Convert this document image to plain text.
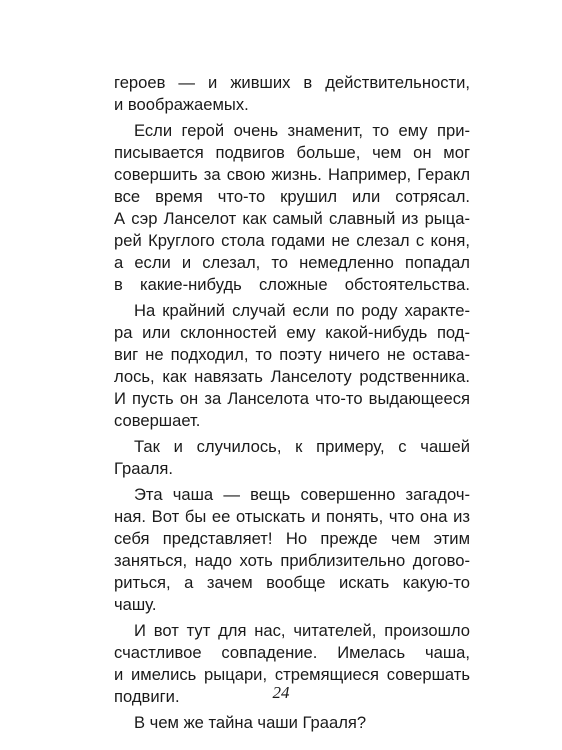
героев — и живших в действительности,
и воображаемых.
Если герой очень знаменит, то ему при-
писывается подвигов больше, чем он мог
совершить за свою жизнь. Например, Геракл
все время что-то крушил или сотрясал.
А сэр Ланселот как самый славный из рыца-
рей Круглого стола годами не слезал с коня,
а если и слезал, то немедленно попадал
в какие-нибудь сложные обстоятельства.
На крайний случай если по роду характе-
ра или склонностей ему какой-нибудь под-
виг не подходил, то поэту ничего не остава-
лось, как навязать Ланселоту родственника.
И пусть он за Ланселота что-то выдающееся
совершает.
Так и случилось, к примеру, с чашей
Грааля.
Эта чаша — вещь совершенно загадоч-
ная. Вот бы ее отыскать и понять, что она из
себя представляет! Но прежде чем этим
заняться, надо хоть приблизительно догово-
риться, а зачем вообще искать какую-то
чашу.
И вот тут для нас, читателей, произошло
счастливое совпадение. Имелась чаша,
и имелись рыцари, стремящиеся совершать
подвиги.
В чем же тайна чаши Грааля?
24
